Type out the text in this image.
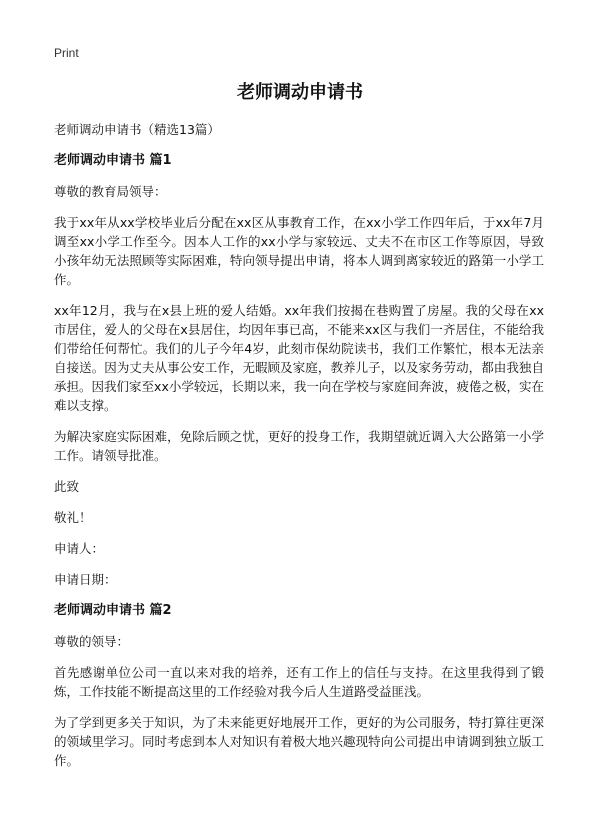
Print
老师调动申请书

老师调动申请书（精选13篇）

老师调动申请书 篇1

尊敬的教育局领导：

我于xx年从xx学校毕业后分配在xx区从事教育工作，在xx小学工作四年后，于xx年7月调至xx小学工作至今。因本人工作的xx小学与家较远、丈夫不在市区工作等原因，导致小孩年幼无法照顾等实际困难，特向领导提出申请，将本人调到离家较近的路第一小学工作。

xx年12月，我与在x县上班的爱人结婚。xx年我们按揭在巷购置了房屋。我的父母在xx市居住，爱人的父母在x县居住，均因年事已高，不能来xx区与我们一齐居住，不能给我们带给任何帮忙。我们的儿子今年4岁，此刻市保幼院读书，我们工作繁忙，根本无法亲自接送。因为丈夫从事公安工作，无暇顾及家庭，教养儿子，以及家务劳动，都由我独自承担。因我们家至xx小学较远，长期以来，我一向在学校与家庭间奔波，疲倦之极，实在难以支撑。

为解决家庭实际困难，免除后顾之忧，更好的投身工作，我期望就近调入大公路第一小学工作。请领导批准。

此致

敬礼！

申请人：

申请日期：

老师调动申请书 篇2

尊敬的领导：

首先感谢单位公司一直以来对我的培养，还有工作上的信任与支持。在这里我得到了锻炼，工作技能不断提高这里的工作经验对我今后人生道路受益匪浅。

为了学到更多关于知识，为了未来能更好地展开工作，更好的为公司服务，特打算往更深的领域里学习。同时考虑到本人对知识有着极大地兴趣现特向公司提出申请调到独立版工作。
